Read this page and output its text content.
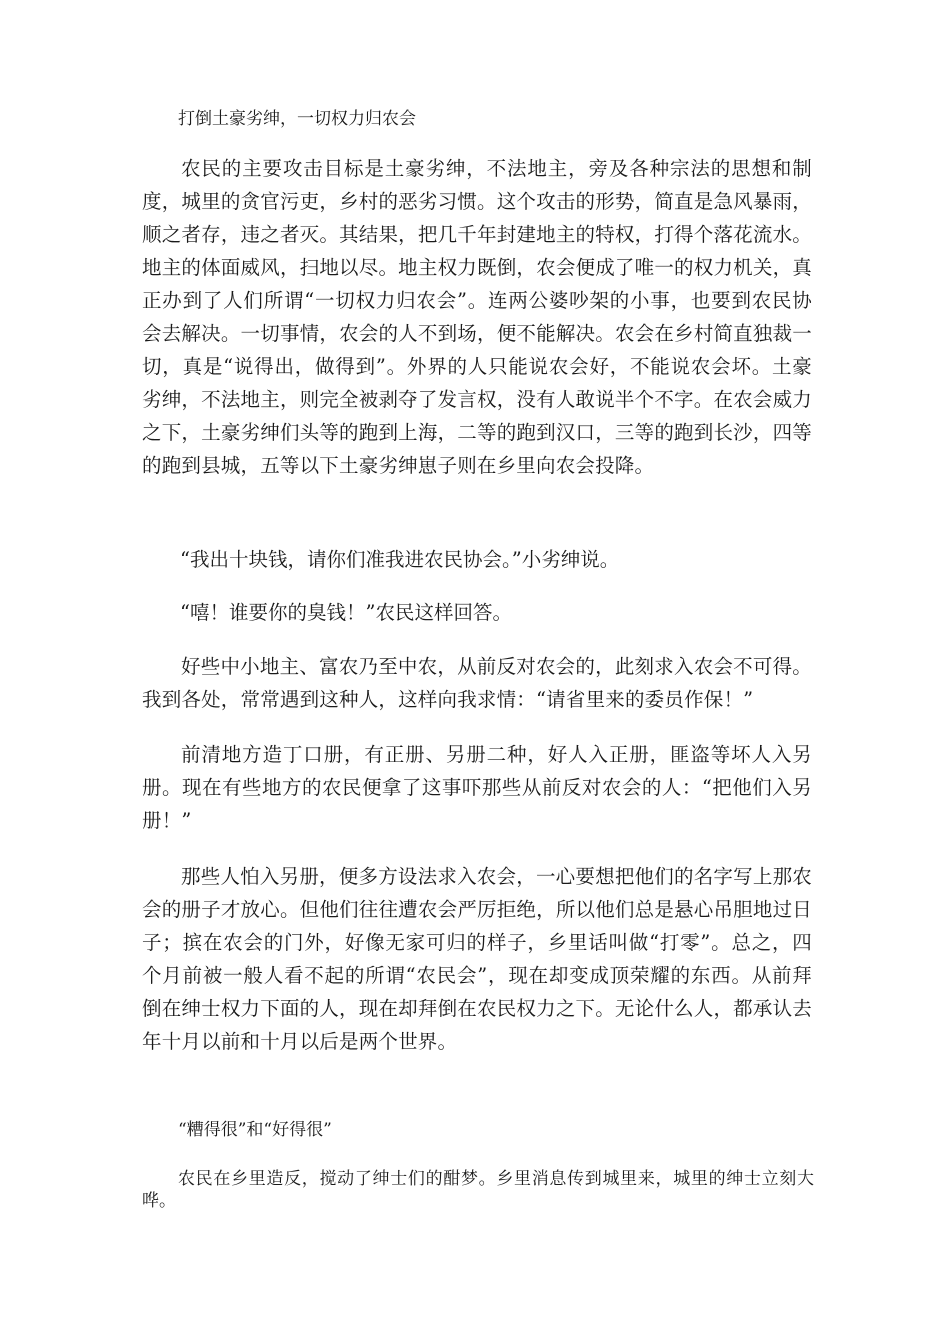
打倒土豪劣绅，一切权力归农会

农民的主要攻击目标是土豪劣绅，不法地主，旁及各种宗法的思想和制度，城里的贪官污吏，乡村的恶劣习惯。这个攻击的形势，简直是急风暴雨，顺之者存，违之者灭。其结果，把几千年封建地主的特权，打得个落花流水。地主的体面威风，扫地以尽。地主权力既倒，农会便成了唯一的权力机关，真正办到了人们所谓“一切权力归农会”。连两公婆吵架的小事，也要到农民协会去解决。一切事情，农会的人不到场，便不能解决。农会在乡村简直独裁一切，真是“说得出，做得到”。外界的人只能说农会好，不能说农会坏。土豪劣绅，不法地主，则完全被剥夺了发言权，没有人敢说半个不字。在农会威力之下，土豪劣绅们头等的跑到上海，二等的跑到汉口，三等的跑到长沙，四等的跑到县城，五等以下土豪劣绅崽子则在乡里向农会投降。

“我出十块钱，请你们准我进农民协会。”小劣绅说。

“嘻！谁要你的臭钱！”农民这样回答。

好些中小地主、富农乃至中农，从前反对农会的，此刻求入农会不可得。我到各处，常常遇到这种人，这样向我求情：“请省里来的委员作保！”

前清地方造丁口册，有正册、另册二种，好人入正册，匪盗等坏人入另册。现在有些地方的农民便拿了这事吓那些从前反对农会的人：“把他们入另册！”

那些人怕入另册，便多方设法求入农会，一心要想把他们的名字写上那农会的册子才放心。但他们往往遭农会严厉拒绝，所以他们总是悬心吊胆地过日子；摈在农会的门外，好像无家可归的样子，乡里话叫做“打零”。总之，四个月前被一般人看不起的所谓“农民会”，现在却变成顶荣耀的东西。从前拜倒在绅士权力下面的人，现在却拜倒在农民权力之下。无论什么人，都承认去年十月以前和十月以后是两个世界。

“糟得很”和“好得很”

农民在乡里造反，搅动了绅士们的酣梦。乡里消息传到城里来，城里的绅士立刻大哗。
